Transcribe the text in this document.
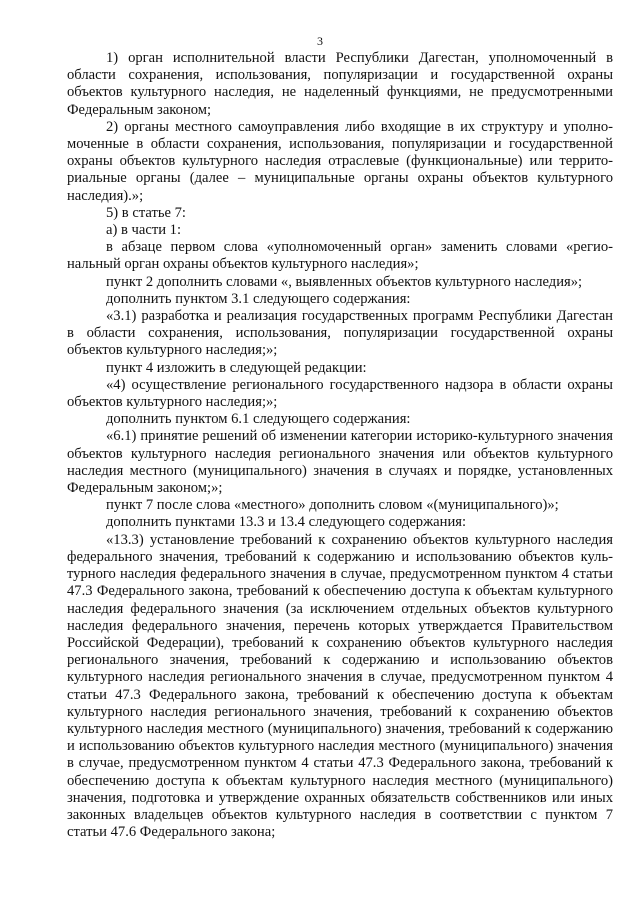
3

1) орган исполнительной власти Республики Дагестан, уполномоченный в области сохранения, использования, популяризации и государственной охраны объектов культурного наследия, не наделенный функциями, не предусмотренными Федеральным законом;

2) органы местного самоуправления либо входящие в их структуру и уполномоченные в области сохранения, использования, популяризации и государственной охраны объектов культурного наследия отраслевые (функциональные) или территориальные органы (далее – муниципальные органы охраны объектов культурного наследия).»;

5) в статье 7:

а) в части 1:

в абзаце первом слова «уполномоченный орган» заменить словами «региональный орган охраны объектов культурного наследия»;

пункт 2 дополнить словами «, выявленных объектов культурного наследия»;

дополнить пунктом 3.1 следующего содержания:

«3.1) разработка и реализация государственных программ Республики Дагестан в области сохранения, использования, популяризации государственной охраны объектов культурного наследия;»;

пункт 4 изложить в следующей редакции:

«4) осуществление регионального государственного надзора в области охраны объектов культурного наследия;»;

дополнить пунктом 6.1 следующего содержания:

«6.1) принятие решений об изменении категории историко-культурного значения объектов культурного наследия регионального значения или объектов культурного наследия местного (муниципального) значения в случаях и порядке, установленных Федеральным законом;»;

пункт 7 после слова «местного» дополнить словом «(муниципального)»;

дополнить пунктами 13.3 и 13.4 следующего содержания:

«13.3) установление требований к сохранению объектов культурного наследия федерального значения, требований к содержанию и использованию объектов культурного наследия федерального значения в случае, предусмотренном пунктом 4 статьи 47.3 Федерального закона, требований к обеспечению доступа к объектам культурного наследия федерального значения (за исключением отдельных объектов культурного наследия федерального значения, перечень которых утверждается Правительством Российской Федерации), требований к сохранению объектов культурного наследия регионального значения, требований к содержанию и использованию объектов культурного наследия регионального значения в случае, предусмотренном пунктом 4 статьи 47.3 Федерального закона, требований к обеспечению доступа к объектам культурного наследия регионального значения, требований к сохранению объектов культурного наследия местного (муниципального) значения, требований к содержанию и использованию объектов культурного наследия местного (муниципального) значения в случае, предусмотренном пунктом 4 статьи 47.3 Федерального закона, требований к обеспечению доступа к объектам культурного наследия местного (муниципального) значения, подготовка и утверждение охранных обязательств собственников или иных законных владельцев объектов культурного наследия в соответствии с пунктом 7 статьи 47.6 Федерального закона;
